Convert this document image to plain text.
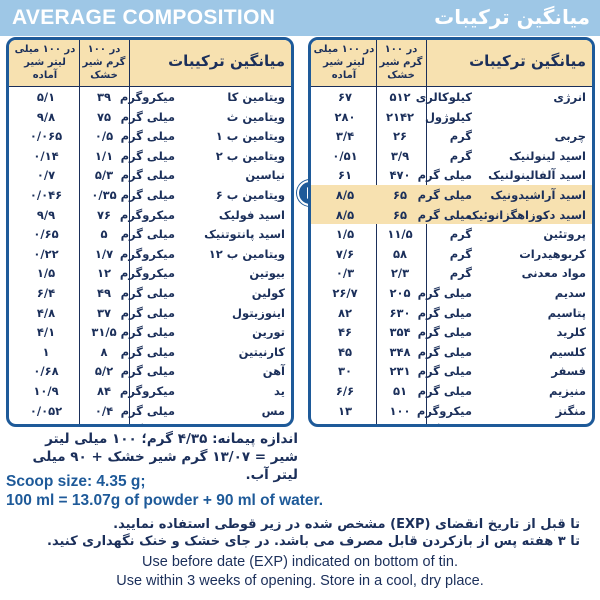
AVERAGE COMPOSITION	میانگین ترکیبات
میانگین ترکیبات
در ۱۰۰ گرم شیر خشک
در ۱۰۰ میلی لیتر شیر آماده
ویتامین کا
میکروگرم
۳۹
۵/۱
ویتامین ث
میلی گرم
۷۵
۹/۸
ویتامین ب ۱
میلی گرم
۰/۵
۰/۰۶۵
ویتامین ب ۲
میلی گرم
۱/۱
۰/۱۴
نیاسین
میلی گرم
۵/۳
۰/۷
ویتامین ب ۶
میلی گرم
۰/۳۵
۰/۰۴۶
اسید فولیک
میکروگرم
۷۶
۹/۹
اسید پانتوتنیک
میلی گرم
۵
۰/۶۵
ویتامین ب ۱۲
میکروگرم
۱/۷
۰/۲۲
بیوتین
میکروگرم
۱۲
۱/۵
کولین
میلی گرم
۴۹
۶/۴
اینوزیتول
میلی گرم
۳۷
۴/۸
تورین
میلی گرم
۳۱/۵
۴/۱
کارنیتین
میلی گرم
۸
۱
آهن
میلی گرم
۵/۲
۰/۶۸
ید
میکروگرم
۸۴
۱۰/۹
مس
میلی گرم
۰/۴
۰/۰۵۲
میانگین ترکیبات
در ۱۰۰ گرم شیر خشک
در ۱۰۰ میلی لیتر شیر آماده
انرژی
کیلوکالری
۵۱۲
۶۷
کیلوژول
۲۱۴۲
۲۸۰
چربی
گرم
۲۶
۳/۴
اسید لینولنیک
گرم
۳/۹
۰/۵۱
اسید آلفالینولنیک
میلی گرم
۴۷۰
۶۱
اسید آراشیدونیک
میلی گرم
۶۵
۸/۵
اسید دکوزاهگزانوئیک
میلی گرم
۶۵
۸/۵
پروتئین
گرم
۱۱/۵
۱/۵
کربوهیدرات
گرم
۵۸
۷/۶
مواد معدنی
گرم
۲/۳
۰/۳
سدیم
میلی گرم
۲۰۵
۲۶/۷
پتاسیم
میلی گرم
۶۳۰
۸۲
کلرید
میلی گرم
۳۵۴
۴۶
کلسیم
میلی گرم
۳۴۸
۴۵
فسفر
میلی گرم
۲۳۱
۳۰
منیزیم
میلی گرم
۵۱
۶/۶
منگنز
میکروگرم
۱۰۰
۱۳
اندازه پیمانه: ۴/۳۵ گرم؛ ۱۰۰ میلی لیتر
شیر = ۱۳/۰۷ گرم شیر خشک + ۹۰ میلی لیتر آب.
Scoop size: 4.35 g;
100 ml = 13.07g of powder + 90 ml of water.
تا قبل از تاریخ انقضای (EXP) مشخص شده در زیر قوطی استفاده نمایید.
تا ۳ هفته پس از بازکردن قابل مصرف می باشد. در جای خشک و خنک نگهداری کنید.
Use before date (EXP) indicated on bottom of tin.
Use within 3 weeks of opening. Store in a cool, dry place.
